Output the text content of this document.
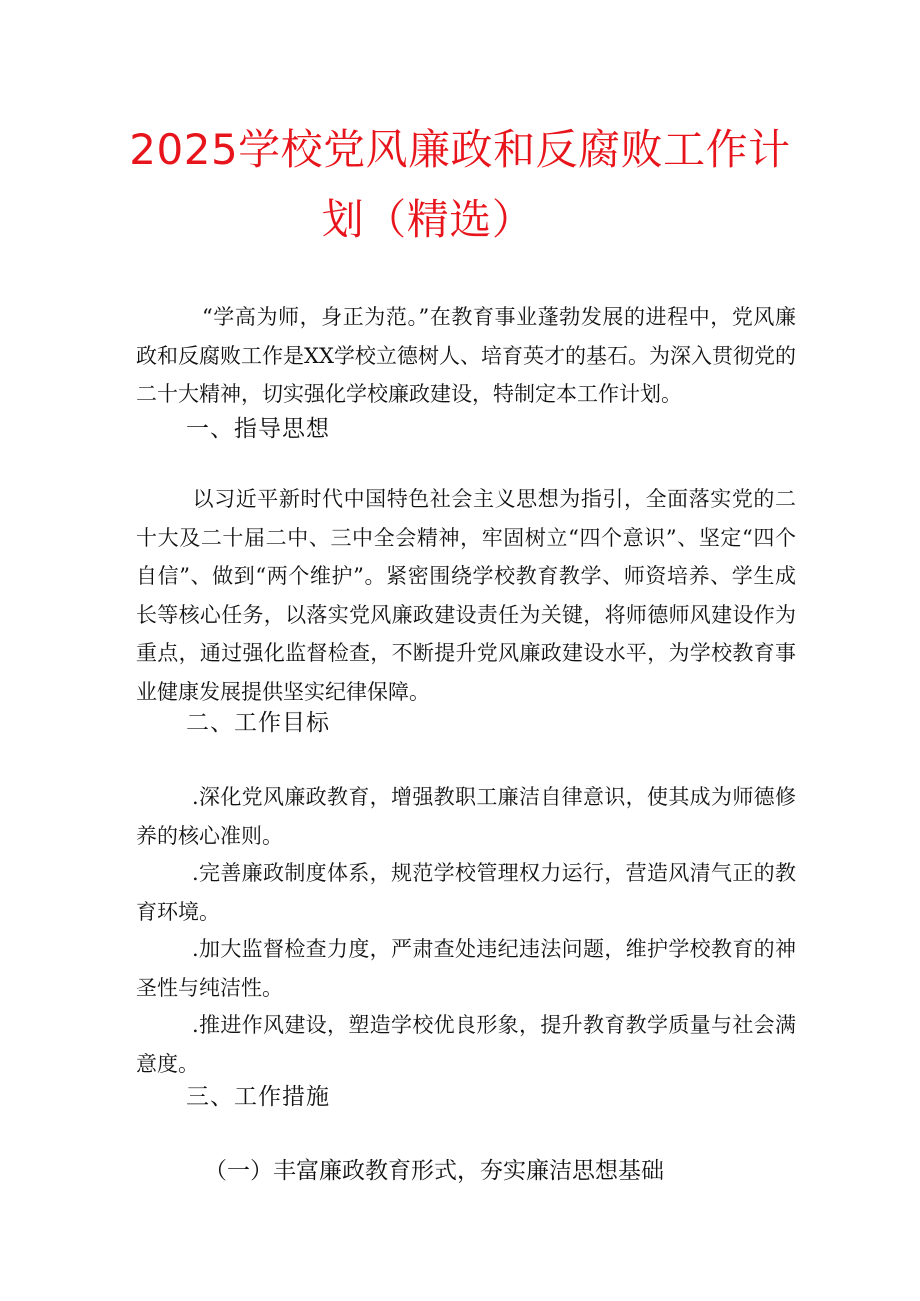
2025学校党风廉政和反腐败工作计
划（精选）

“学高为师，身正为范。”在教育事业蓬勃发展的进程中，党风廉政和反腐败工作是XX学校立德树人、培育英才的基石。为深入贯彻党的二十大精神，切实强化学校廉政建设，特制定本工作计划。

一、指导思想

以习近平新时代中国特色社会主义思想为指引，全面落实党的二十大及二十届二中、三中全会精神，牢固树立“四个意识”、坚定“四个自信”、做到“两个维护”。紧密围绕学校教育教学、师资培养、学生成长等核心任务，以落实党风廉政建设责任为关键，将师德师风建设作为重点，通过强化监督检查，不断提升党风廉政建设水平，为学校教育事业健康发展提供坚实纪律保障。

二、工作目标

.深化党风廉政教育，增强教职工廉洁自律意识，使其成为师德修养的核心准则。

.完善廉政制度体系，规范学校管理权力运行，营造风清气正的教育环境。

.加大监督检查力度，严肃查处违纪违法问题，维护学校教育的神圣性与纯洁性。

.推进作风建设，塑造学校优良形象，提升教育教学质量与社会满意度。

三、工作措施
（一）丰富廉政教育形式，夯实廉洁思想基础
